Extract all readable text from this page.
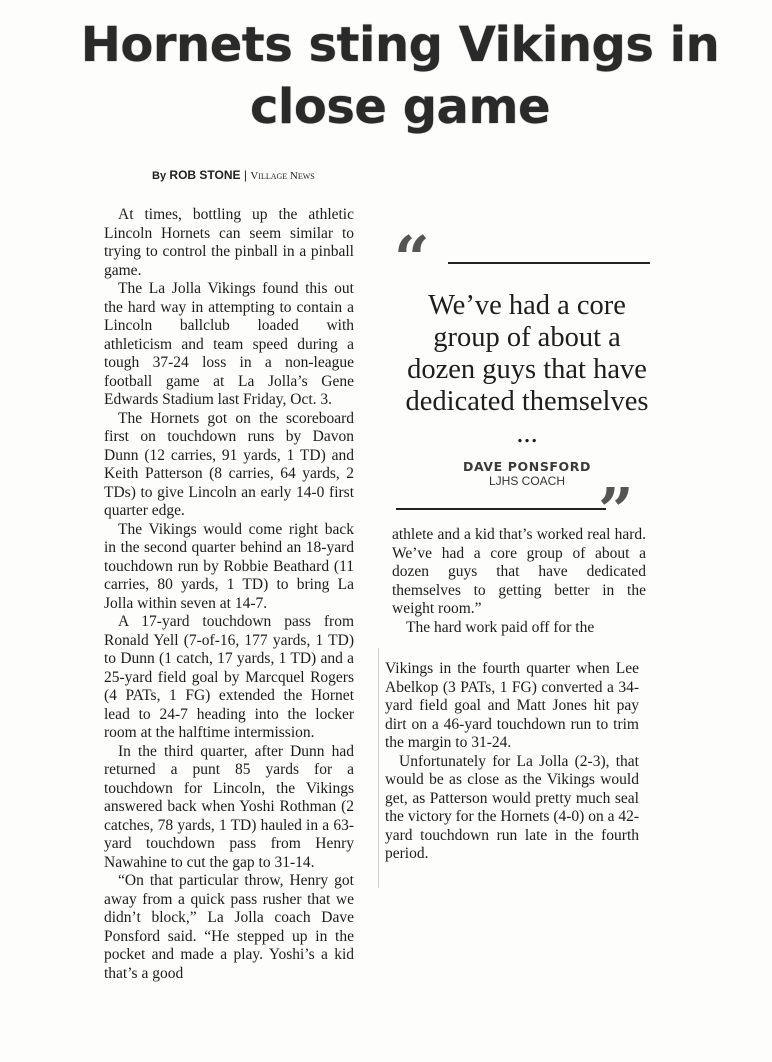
Hornets sting Vikings in close game
By ROB STONE | Village News

At times, bottling up the athletic Lincoln Hornets can seem similar to trying to control the pinball in a pinball game.

The La Jolla Vikings found this out the hard way in attempting to contain a Lincoln ballclub loaded with athleticism and team speed during a tough 37-24 loss in a non-league football game at La Jolla’s Gene Edwards Stadium last Friday, Oct. 3.

The Hornets got on the scoreboard first on touchdown runs by Davon Dunn (12 carries, 91 yards, 1 TD) and Keith Patterson (8 carries, 64 yards, 2 TDs) to give Lincoln an early 14-0 first quarter edge.

The Vikings would come right back in the second quarter behind an 18-yard touchdown run by Robbie Beathard (11 carries, 80 yards, 1 TD) to bring La Jolla within seven at 14-7.

A 17-yard touchdown pass from Ronald Yell (7-of-16, 177 yards, 1 TD) to Dunn (1 catch, 17 yards, 1 TD) and a 25-yard field goal by Marcquel Rogers (4 PATs, 1 FG) extended the Hornet lead to 24-7 heading into the locker room at the halftime intermission.

In the third quarter, after Dunn had returned a punt 85 yards for a touchdown for Lincoln, the Vikings answered back when Yoshi Rothman (2 catches, 78 yards, 1 TD) hauled in a 63-yard touchdown pass from Henry Nawahine to cut the gap to 31-14.

“On that particular throw, Henry got away from a quick pass rusher that we didn’t block,” La Jolla coach Dave Ponsford said. “He stepped up in the pocket and made a play. Yoshi’s a kid that’s a good

“
We’ve had a core group of about a dozen guys that have dedicated themselves ...
DAVE PONSFORD
LJHS COACH ”

athlete and a kid that’s worked real hard. We’ve had a core group of about a dozen guys that have dedicated themselves to getting better in the weight room.”

The hard work paid off for the

Vikings in the fourth quarter when Lee Abelkop (3 PATs, 1 FG) converted a 34-yard field goal and Matt Jones hit pay dirt on a 46-yard touchdown run to trim the margin to 31-24.

Unfortunately for La Jolla (2-3), that would be as close as the Vikings would get, as Patterson would pretty much seal the victory for the Hornets (4-0) on a 42-yard touchdown run late in the fourth period.
